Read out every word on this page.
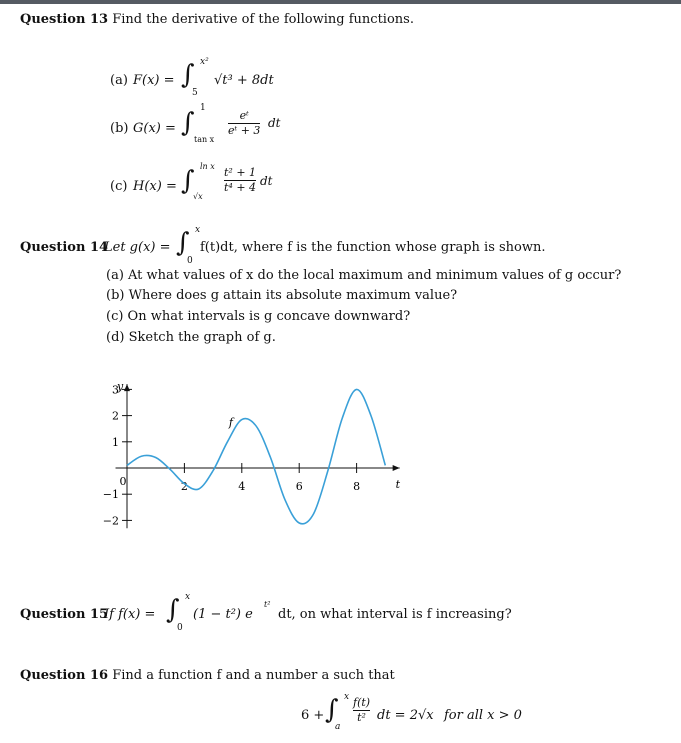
Question 13 Find the derivative of the following functions.
(a) F(x) = ∫ x²
5
√t³ + 8dt
(b) G(x) = ∫ 1
tan x
eᵗ
eᵗ + 3
dt
(c) H(x) = ∫ ln x
√x
t² + 1
t⁴ + 4 dt
Question 14
Let g(x) = ∫ x
0
f(t)dt, where f is the function whose graph is shown.
(a) At what values of x do the local maximum and minimum values of g occur?
(b) Where does g attain its absolute maximum value?
(c) On what intervals is g concave downward?
(d) Sketch the graph of g.
t
y
0	2	4	6	8
−2
−1
1
2
3
f
Question 15
If f(x) = ∫ x
0
(1 − t²) e
t²
dt, on what interval is f increasing?
Question 16 Find a function f and a number a such that
6 + ∫ x
a
f(t)
t² dt = 2√x for all x > 0
